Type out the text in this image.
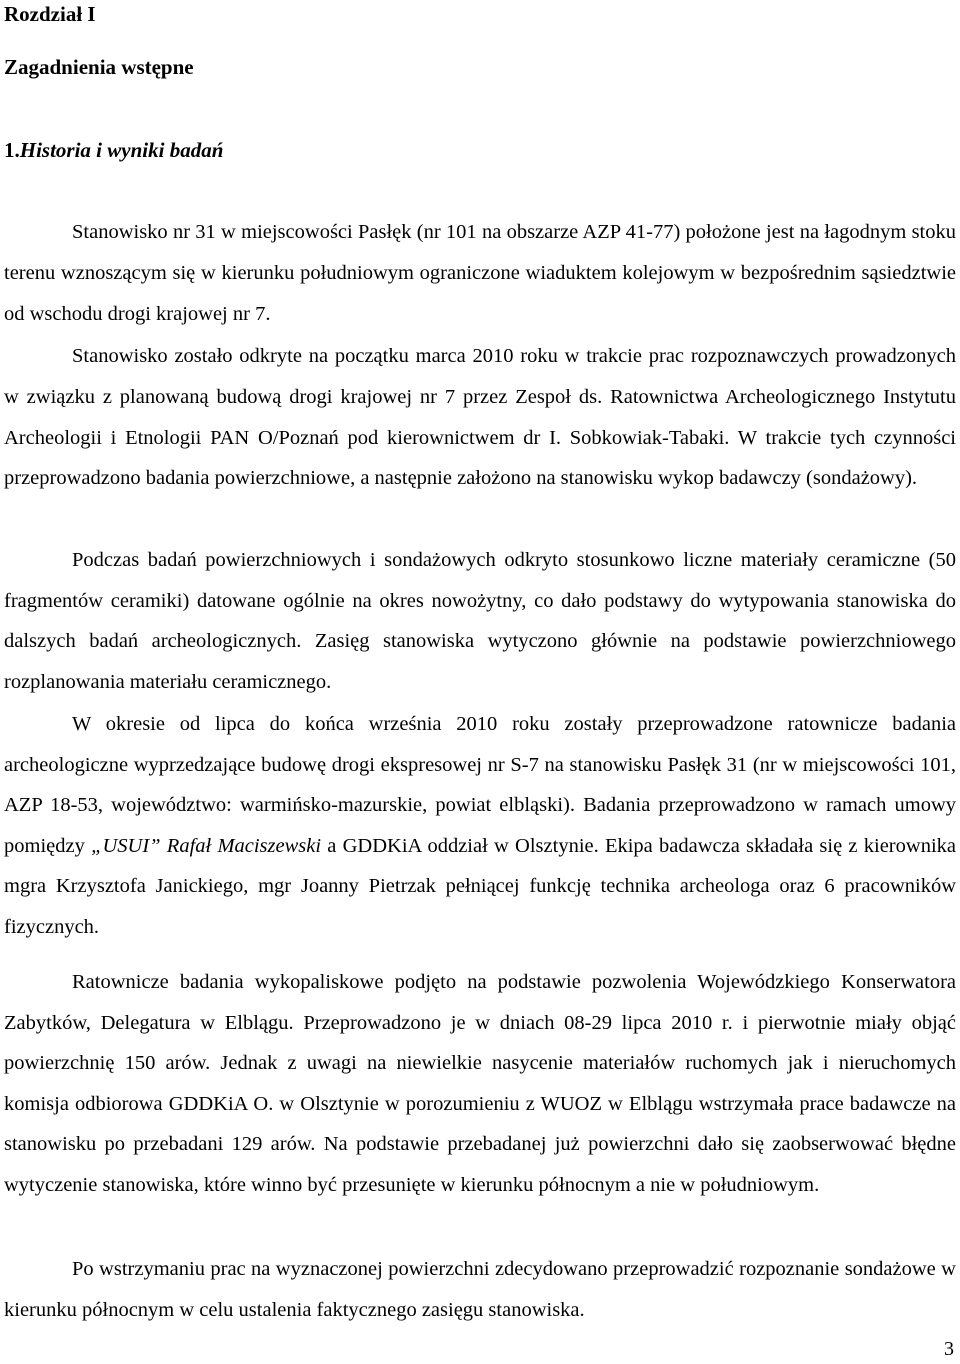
Rozdział I
Zagadnienia wstępne
1.Historia i wyniki badań

Stanowisko nr 31 w miejscowości Pasłęk (nr 101 na obszarze AZP 41-77) położone jest na łagodnym stoku terenu wznoszącym się w kierunku południowym ograniczone wiaduktem kolejowym w bezpośrednim sąsiedztwie od wschodu drogi krajowej nr 7.

Stanowisko zostało odkryte na początku marca 2010 roku w trakcie prac rozpoznawczych prowadzonych w związku z planowaną budową drogi krajowej nr 7 przez Zespoł ds. Ratownictwa Archeologicznego Instytutu Archeologii i Etnologii PAN O/Poznań pod kierownictwem dr I. Sobkowiak-Tabaki. W trakcie tych czynności przeprowadzono badania powierzchniowe, a następnie założono na stanowisku wykop badawczy (sondażowy).

Podczas badań powierzchniowych i sondażowych odkryto stosunkowo liczne materiały ceramiczne (50 fragmentów ceramiki) datowane ogólnie na okres nowożytny, co dało podstawy do wytypowania stanowiska do dalszych badań archeologicznych. Zasięg stanowiska wytyczono głównie na podstawie powierzchniowego rozplanowania materiału ceramicznego.

W okresie od lipca do końca września 2010 roku zostały przeprowadzone ratownicze badania archeologiczne wyprzedzające budowę drogi ekspresowej nr S-7 na stanowisku Pasłęk 31 (nr w miejscowości 101, AZP 18-53, województwo: warmińsko-mazurskie, powiat elbląski). Badania przeprowadzono w ramach umowy pomiędzy „USUI” Rafał Maciszewski a GDDKiA oddział w Olsztynie. Ekipa badawcza składała się z kierownika mgra Krzysztofa Janickiego, mgr Joanny Pietrzak pełniącej funkcję technika archeologa oraz 6 pracowników fizycznych.

Ratownicze badania wykopaliskowe podjęto na podstawie pozwolenia Wojewódzkiego Konserwatora Zabytków, Delegatura w Elblągu. Przeprowadzono je w dniach 08-29 lipca 2010 r. i pierwotnie miały objąć powierzchnię 150 arów. Jednak z uwagi na niewielkie nasycenie materiałów ruchomych jak i nieruchomych komisja odbiorowa GDDKiA O. w Olsztynie w porozumieniu z WUOZ w Elblągu wstrzymała prace badawcze na stanowisku po przebadani 129 arów. Na podstawie przebadanej już powierzchni dało się zaobserwować błędne wytyczenie stanowiska, które winno być przesunięte w kierunku północnym a nie w południowym.

Po wstrzymaniu prac na wyznaczonej powierzchni zdecydowano przeprowadzić rozpoznanie sondażowe w kierunku północnym w celu ustalenia faktycznego zasięgu stanowiska.

3
